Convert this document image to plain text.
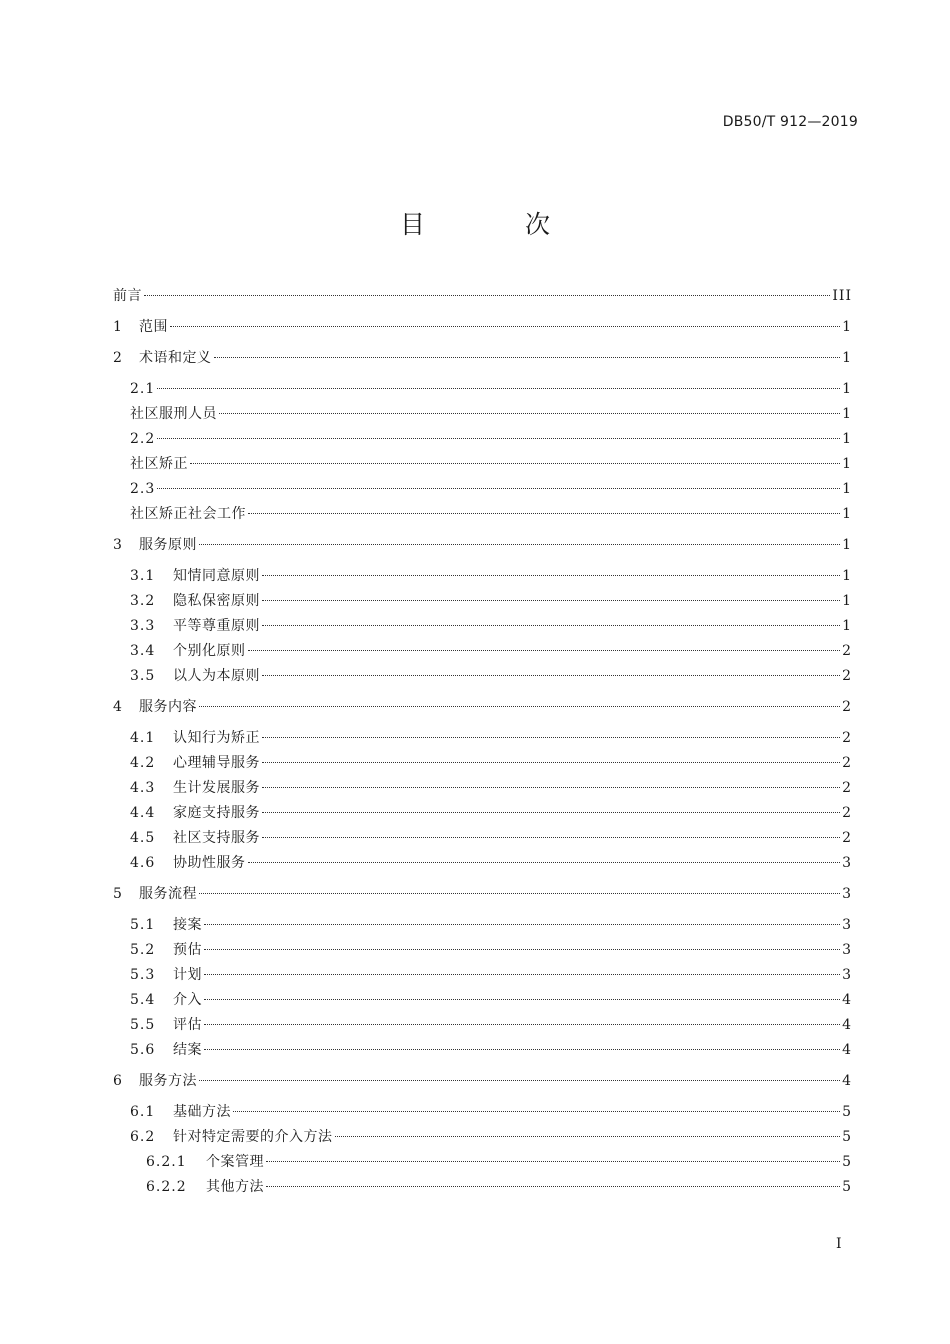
DB50/T 912—2019
目 次
前言	III
1	范围	1
2	术语和定义	1
2.1	1
社区服刑人员	1
2.2	1
社区矫正	1
2.3	1
社区矫正社会工作	1
3	服务原则	1
3.1	知情同意原则	1
3.2	隐私保密原则	1
3.3	平等尊重原则	1
3.4	个别化原则	2
3.5	以人为本原则	2
4	服务内容	2
4.1	认知行为矫正	2
4.2	心理辅导服务	2
4.3	生计发展服务	2
4.4	家庭支持服务	2
4.5	社区支持服务	2
4.6	协助性服务	3
5	服务流程	3
5.1	接案	3
5.2	预估	3
5.3	计划	3
5.4	介入	4
5.5	评估	4
5.6	结案	4
6	服务方法	4
6.1	基础方法	5
6.2	针对特定需要的介入方法	5
6.2.1	个案管理	5
6.2.2	其他方法	5
I
